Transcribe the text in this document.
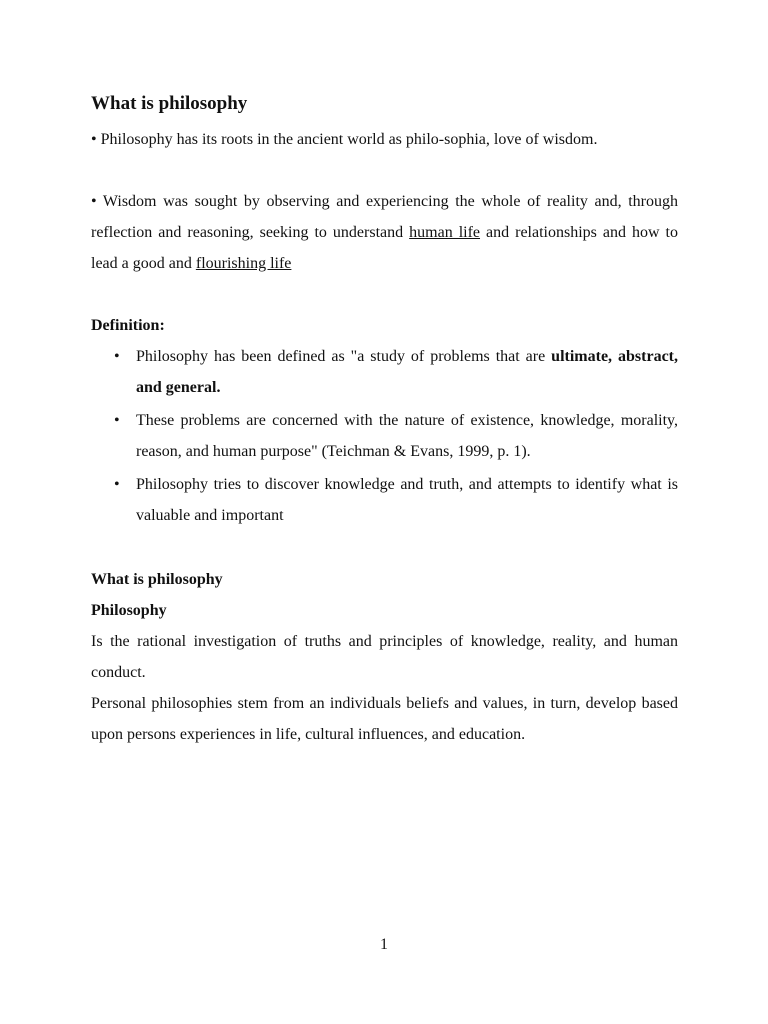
What is philosophy

• Philosophy has its roots in the ancient world as philo-sophia, love of wisdom.

• Wisdom was sought by observing and experiencing the whole of reality and, through reflection and reasoning, seeking to understand human life and relationships and how to lead a good and flourishing life

Definition:

• Philosophy has been defined as "a study of problems that are ultimate, abstract, and general.
• These problems are concerned with the nature of existence, knowledge, morality, reason, and human purpose" (Teichman & Evans, 1999, p. 1).
• Philosophy tries to discover knowledge and truth, and attempts to identify what is valuable and important

What is philosophy

Philosophy

Is the rational investigation of truths and principles of knowledge, reality, and human conduct.

Personal philosophies stem from an individuals beliefs and values, in turn, develop based upon persons experiences in life, cultural influences, and education.

1
